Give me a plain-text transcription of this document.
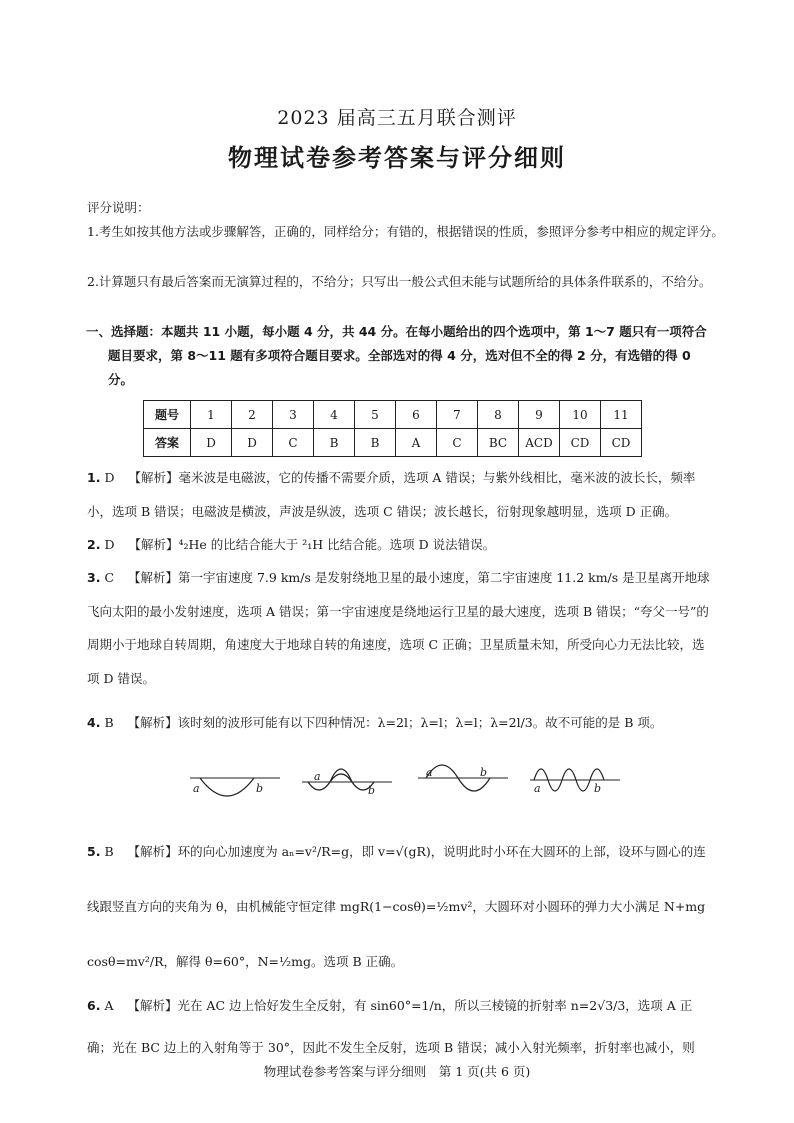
2023 届高三五月联合测评
物理试卷参考答案与评分细则
评分说明：
1.考生如按其他方法或步骤解答，正确的，同样给分；有错的，根据错误的性质，参照评分参考中相应的规定评分。
2.计算题只有最后答案而无演算过程的，不给分；只写出一般公式但未能与试题所给的具体条件联系的，不给分。
一、选择题：本题共 11 小题，每小题 4 分，共 44 分。在每小题给出的四个选项中，第 1～7 题只有一项符合题目要求，第 8～11 题有多项符合题目要求。全部选对的得 4 分，选对但不全的得 2 分，有选错的得 0 分。
题号	1	2	3	4	5	6	7	8	9	10	11
答案	D	D	C	B	B	A	C	BC	ACD	CD	CD
1. D 【解析】毫米波是电磁波，它的传播不需要介质，选项 A 错误；与紫外线相比，毫米波的波长长，频率小，选项 B 错误；电磁波是横波，声波是纵波，选项 C 错误；波长越长，衍射现象越明显，选项 D 正确。
2. D 【解析】⁴₂He 的比结合能大于 ²₁H 比结合能。选项 D 说法错误。
3. C 【解析】第一宇宙速度 7.9 km/s 是发射绕地卫星的最小速度，第二宇宙速度 11.2 km/s 是卫星离开地球飞向太阳的最小发射速度，选项 A 错误；第一宇宙速度是绕地运行卫星的最大速度，选项 B 错误；“夸父一号”的周期小于地球自转周期，角速度大于地球自转的角速度，选项 C 正确；卫星质量未知，所受向心力无法比较，选项 D 错误。
4. B 【解析】该时刻的波形可能有以下四种情况：λ=2l；λ=l；λ=l；λ=2l/3。故不可能的是 B 项。
a	b
a
b
a	b
a	b
5. B 【解析】环的向心加速度为 aₙ=v²/R=g，即 v=√(gR)，说明此时小环在大圆环的上部，设环与圆心的连线跟竖直方向的夹角为 θ，由机械能守恒定律 mgR(1−cosθ)=½mv²，大圆环对小圆环的弹力大小满足 N+mg cosθ=mv²/R，解得 θ=60°，N=½mg。选项 B 正确。
6. A 【解析】光在 AC 边上恰好发生全反射，有 sin60°=1/n，所以三棱镜的折射率 n=2√3/3，选项 A 正确；光在 BC 边上的入射角等于 30°，因此不发生全反射，选项 B 错误；减小入射光频率，折射率也减小，则
物理试卷参考答案与评分细则　第 1 页(共 6 页)
